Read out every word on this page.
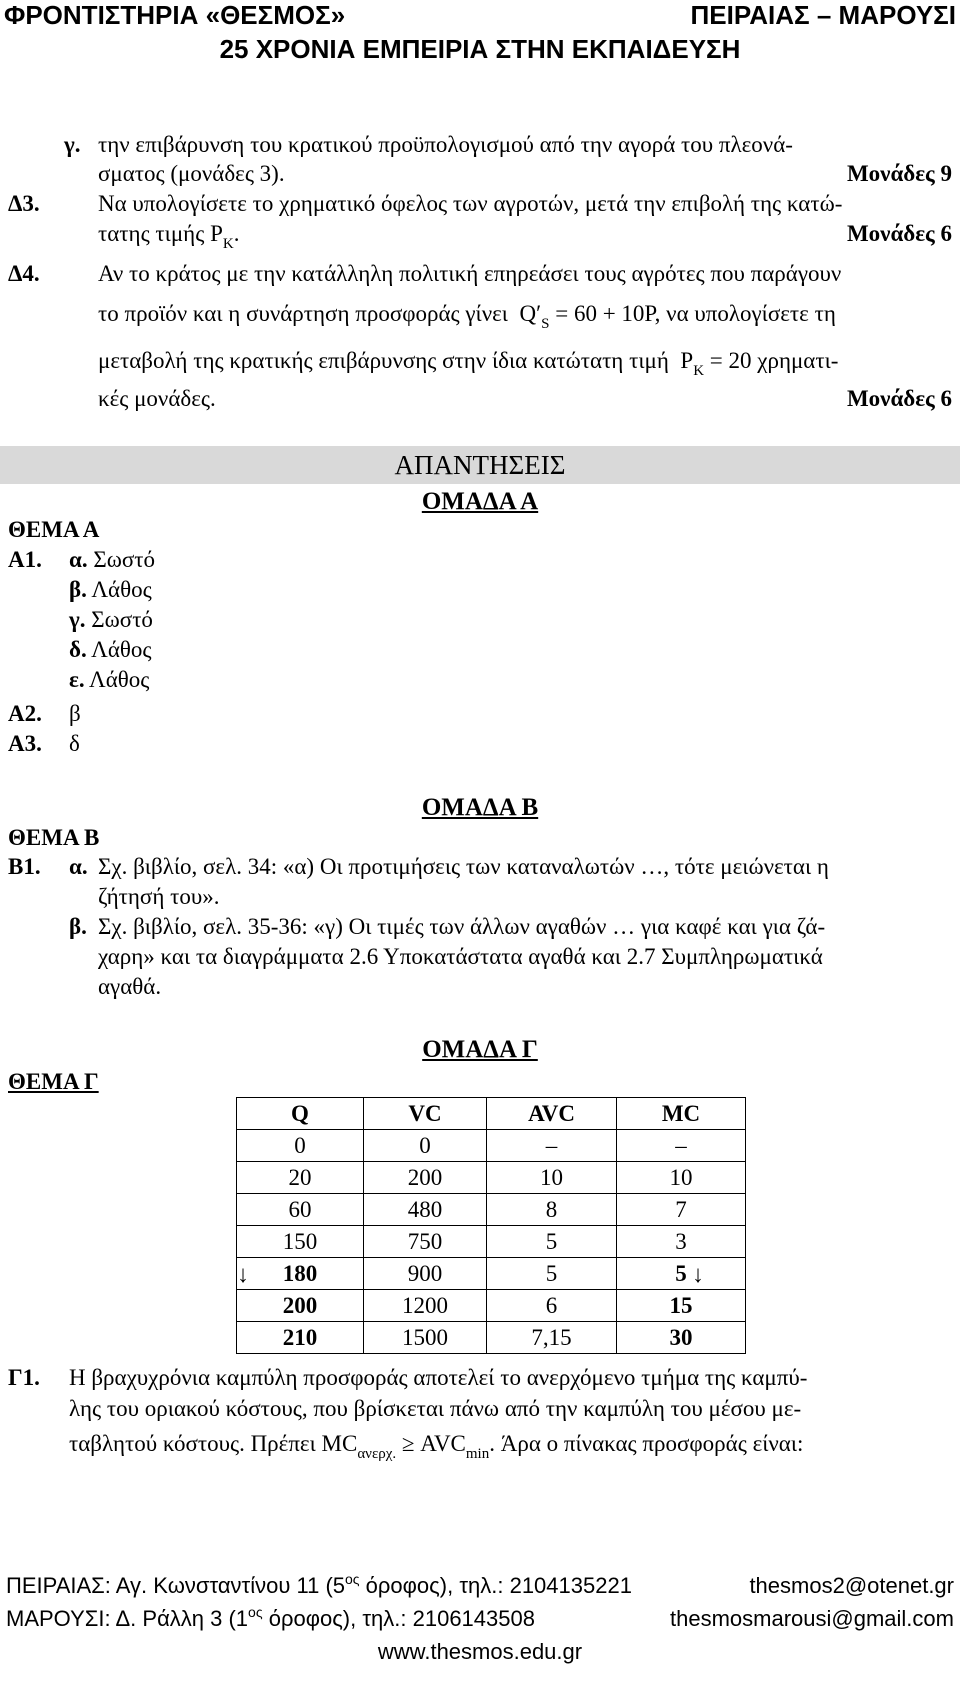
ΦΡΟΝΤΙΣΤΗΡΙΑ «ΘΕΣΜΟΣ»	ΠΕΙΡΑΙΑΣ – ΜΑΡΟΥΣΙ
25 ΧΡΟΝΙΑ ΕΜΠΕΙΡΙΑ ΣΤΗΝ ΕΚΠΑΙΔΕΥΣΗ
γ. την επιβάρυνση του κρατικού προϋπολογισμού από την αγορά του πλεονά-
σματος (μονάδες 3).	Μονάδες 9
Δ3.	Να υπολογίσετε το χρηματικό όφελος των αγροτών, μετά την επιβολή της κατώ-
τατης τιμής $P_K$.	Μονάδες 6
Δ4.	Αν το κράτος με την κατάλληλη πολιτική επηρεάσει τους αγρότες που παράγουν
το προϊόν και η συνάρτηση προσφοράς γίνει $Q'_S = 60 + 10P$, να υπολογίσετε τη
μεταβολή της κρατικής επιβάρυνσης στην ίδια κατώτατη τιμή $P_K = 20$ χρηματι-
κές μονάδες.	Μονάδες 6
ΑΠΑΝΤΗΣΕΙΣ
ΟΜΑΔΑ Α
ΘΕΜΑ Α
Α1. α. Σωστό
β. Λάθος
γ. Σωστό
δ. Λάθος
ε. Λάθος
Α2. β
Α3. δ
ΟΜΑΔΑ Β
ΘΕΜΑ Β
Β1. α. Σχ. βιβλίο, σελ. 34: «α) Οι προτιμήσεις των καταναλωτών …, τότε μειώνεται η
ζήτησή του».
β. Σχ. βιβλίο, σελ. 35-36: «γ) Οι τιμές των άλλων αγαθών … για καφέ και για ζά-
χαρη» και τα διαγράμματα 2.6 Υποκατάστατα αγαθά και 2.7 Συμπληρωματικά
αγαθά.
ΟΜΑΔΑ Γ
ΘΕΜΑ Γ
Q	VC	AVC	MC
0	0	–	–
20	200	10	10
60	480	8	7
150	750	5	3
180	900	5	5
200	1200	6	15
210	1500	7,15	30
↓	↓
Γ1. Η βραχυχρόνια καμπύλη προσφοράς αποτελεί το ανερχόμενο τμήμα της καμπύ-
λης του οριακού κόστους, που βρίσκεται πάνω από την καμπύλη του μέσου με-
ταβλητού κόστους. Πρέπει $MC_{\alpha\nu\varepsilon\rho\chi.} \ge AVC_{min}$. Άρα ο πίνακας προσφοράς είναι:
ΠΕΙΡΑΙΑΣ: Αγ. Κωνσταντίνου 11 ($5^{o\varsigma}$ όροφος), τηλ.: 2104135221	thesmos2@otenet.gr
ΜΑΡΟΥΣΙ: Δ. Ράλλη 3 ($1^{o\varsigma}$ όροφος), τηλ.: 2106143508	thesmosmarousi@gmail.com
www.thesmos.edu.gr
